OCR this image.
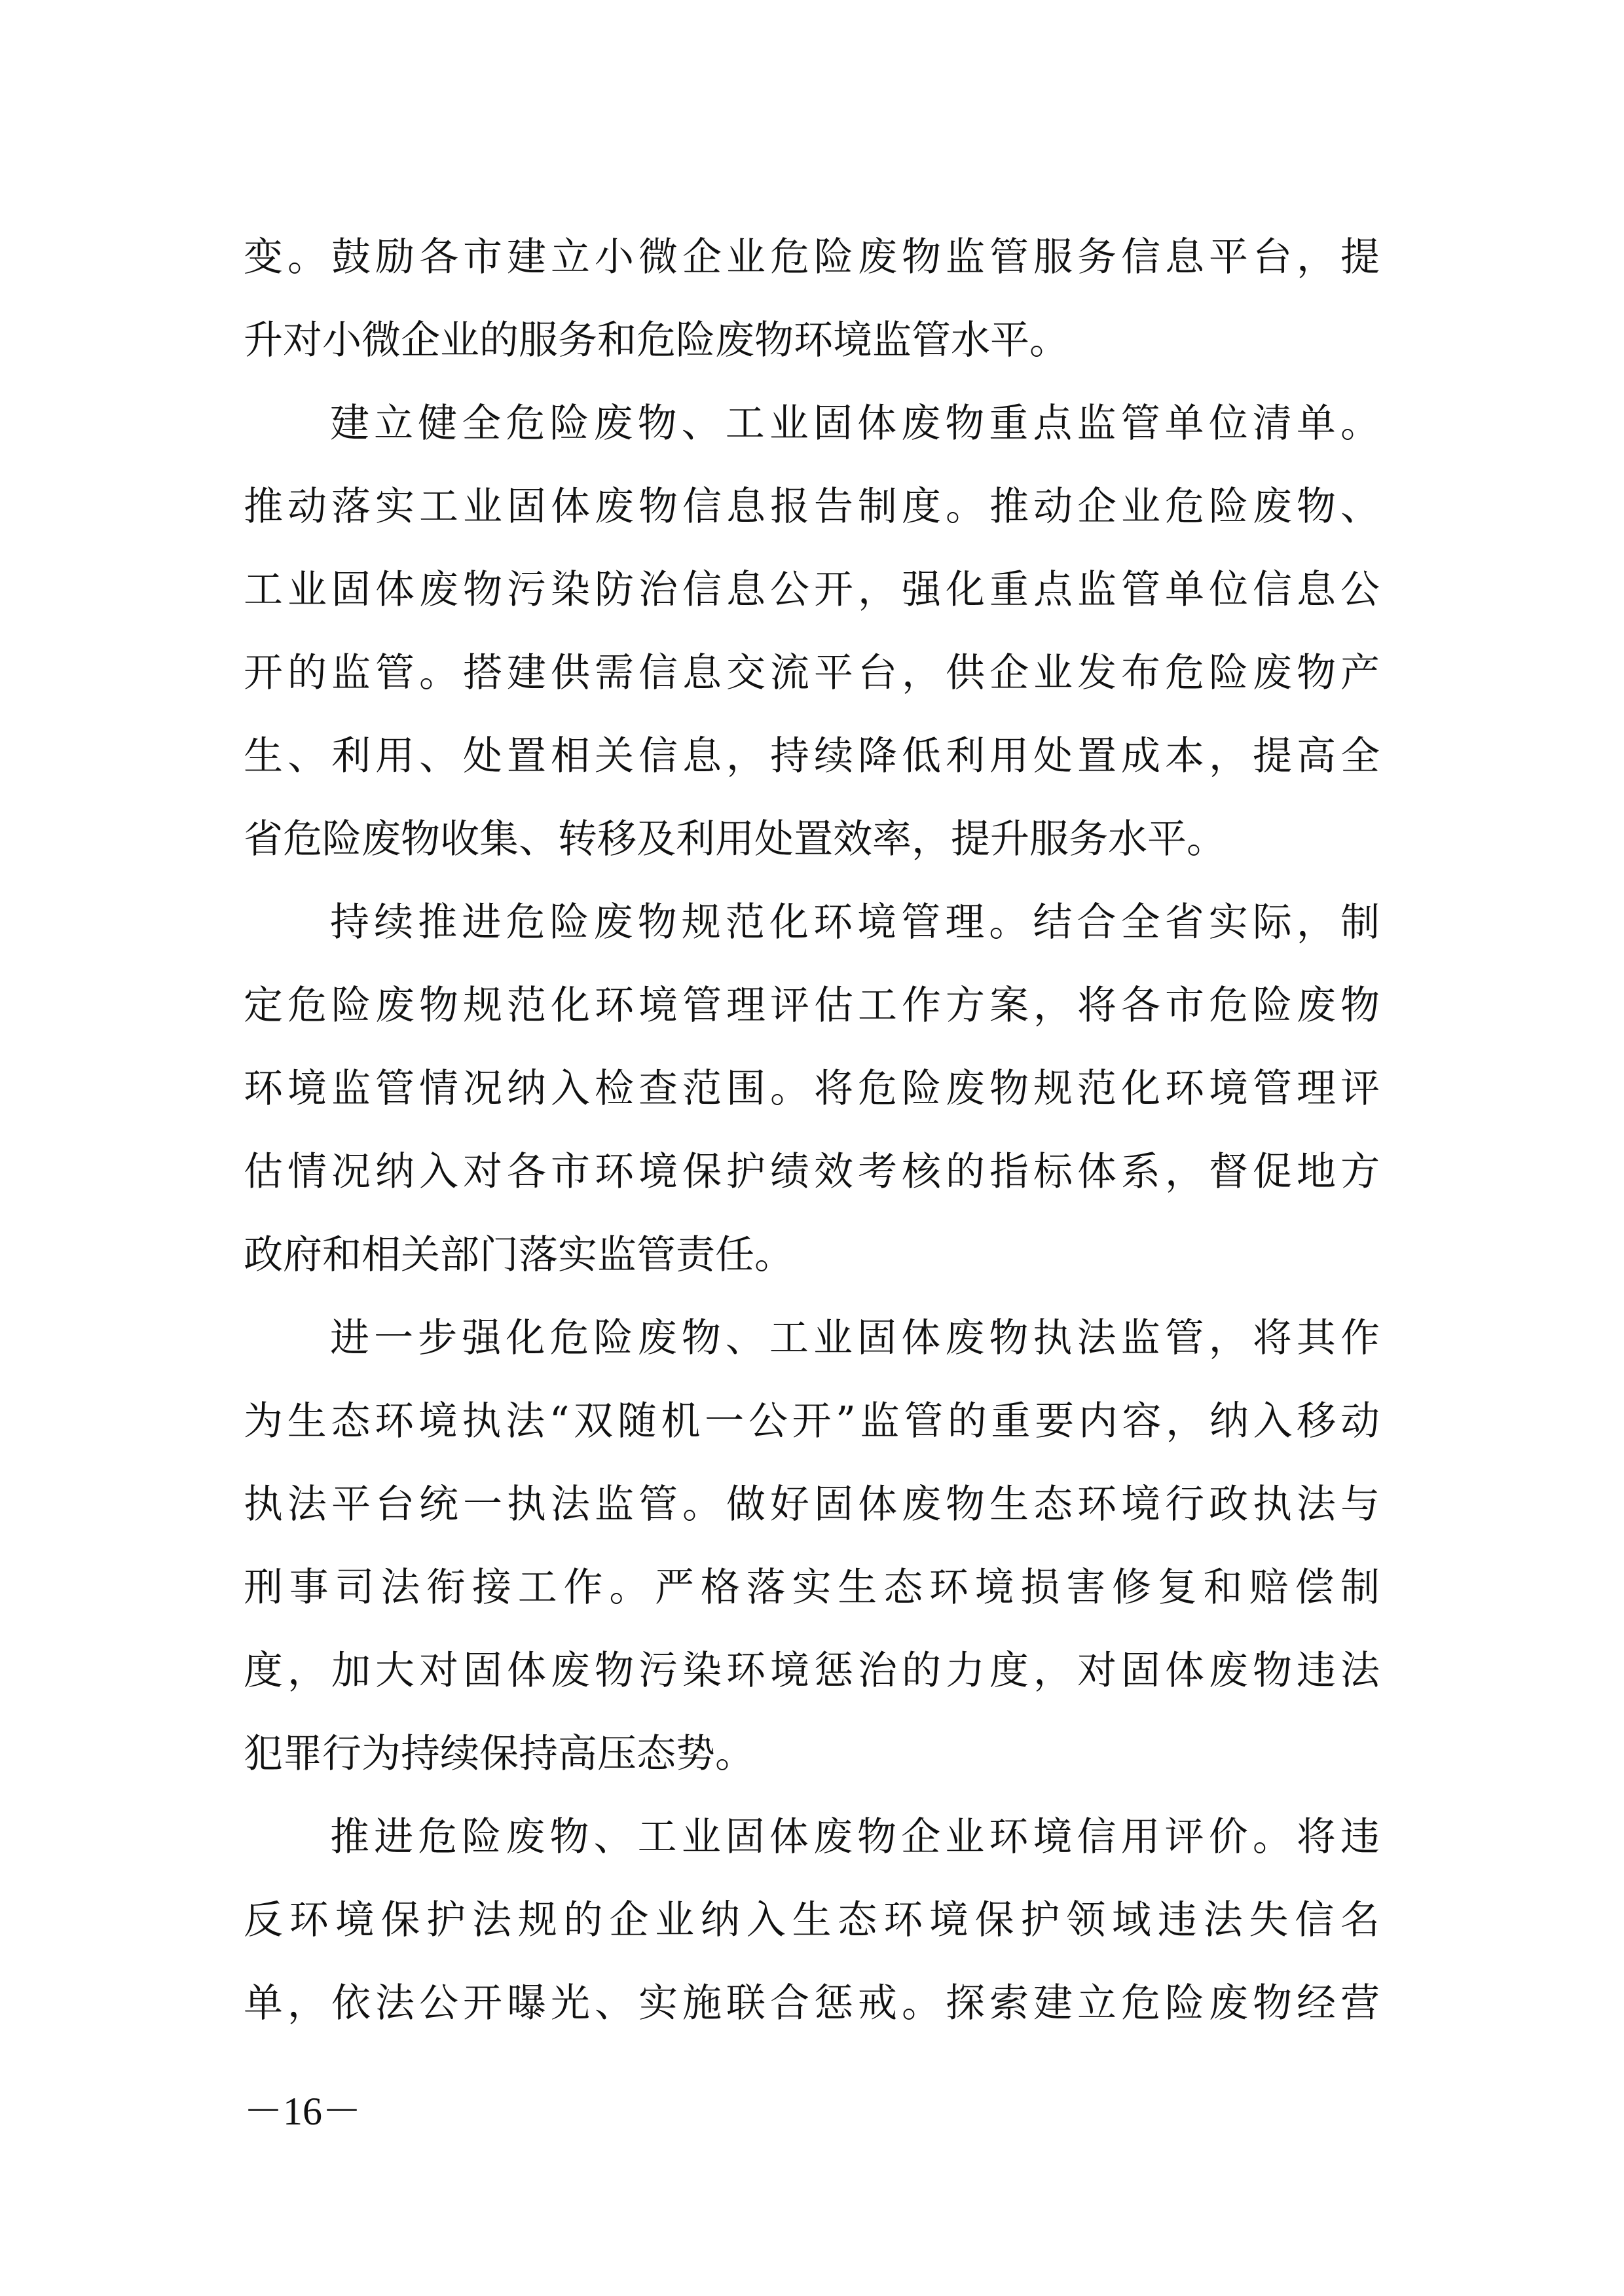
变。鼓励各市建立小微企业危险废物监管服务信息平台，提
升对小微企业的服务和危险废物环境监管水平。
建立健全危险废物、工业固体废物重点监管单位清单。
推动落实工业固体废物信息报告制度。推动企业危险废物、
工业固体废物污染防治信息公开，强化重点监管单位信息公
开的监管。搭建供需信息交流平台，供企业发布危险废物产
生、利用、处置相关信息，持续降低利用处置成本，提高全
省危险废物收集、转移及利用处置效率，提升服务水平。
持续推进危险废物规范化环境管理。结合全省实际，制
定危险废物规范化环境管理评估工作方案，将各市危险废物
环境监管情况纳入检查范围。将危险废物规范化环境管理评
估情况纳入对各市环境保护绩效考核的指标体系，督促地方
政府和相关部门落实监管责任。
进一步强化危险废物、工业固体废物执法监管，将其作
为生态环境执法“双随机一公开”监管的重要内容，纳入移动
执法平台统一执法监管。做好固体废物生态环境行政执法与
刑事司法衔接工作。严格落实生态环境损害修复和赔偿制
度，加大对固体废物污染环境惩治的力度，对固体废物违法
犯罪行为持续保持高压态势。
推进危险废物、工业固体废物企业环境信用评价。将违
反环境保护法规的企业纳入生态环境保护领域违法失信名
单，依法公开曝光、实施联合惩戒。探索建立危险废物经营
－16－
